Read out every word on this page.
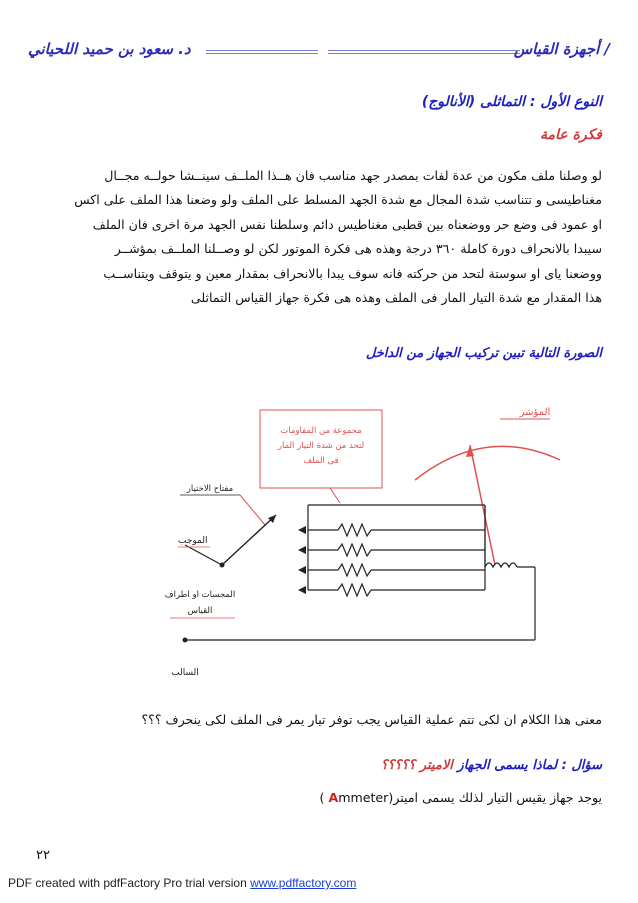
د. سعود بن حميد اللحياني	أجهزة القياس /
النوع الأول : التماثلى (الأنالوج)
فكرة عامة

لو وصلنا ملف مكون من عدة لفات بمصدر جهد مناسب فان هــذا الملــف سينــشا حولــه مجــال

مغناطيسى و تتناسب شدة المجال مع شدة الجهد المسلط على الملف ولو وضعنا هذا الملف على اكس

او عمود فى وضع حر ووضعناه بين قطبى مغناطيس دائم وسلطنا نفس الجهد مرة اخرى فان الملف

سيبدا بالانحراف دورة كاملة ٣٦٠ درجة وهذه هى فكرة الموتور لكن لو وصــلنا الملــف بمؤشــر

ووضعنا ياى او سوستة لتحد من حركته فانه سوف يبدا بالانحراف بمقدار معين و يتوقف ويتناســب

هذا المقدار مع شدة التيار المار فى الملف وهذه هى فكرة جهاز القياس التماثلى

الصورة التالية تبين تركيب الجهاز من الداخل
المؤشر
مجموعة من المقاومات
لتحد من شدة التيار المار
فى الملف
مفتاح الاختيار
الموجب
المجسات او اطراف
القياس
السالب
معنى هذا الكلام ان لكى تتم عملية القياس يجب توفر تيار يمر فى الملف لكى ينحرف ؟؟؟
سؤال : لماذا يسمى الجهاز الاميتر ؟؟؟؟؟
يوجد جهاز يقيس التيار لذلك يسمى اميتر(Ammeter )
٢٢
PDF created with pdfFactory Pro trial version www.pdffactory.com
